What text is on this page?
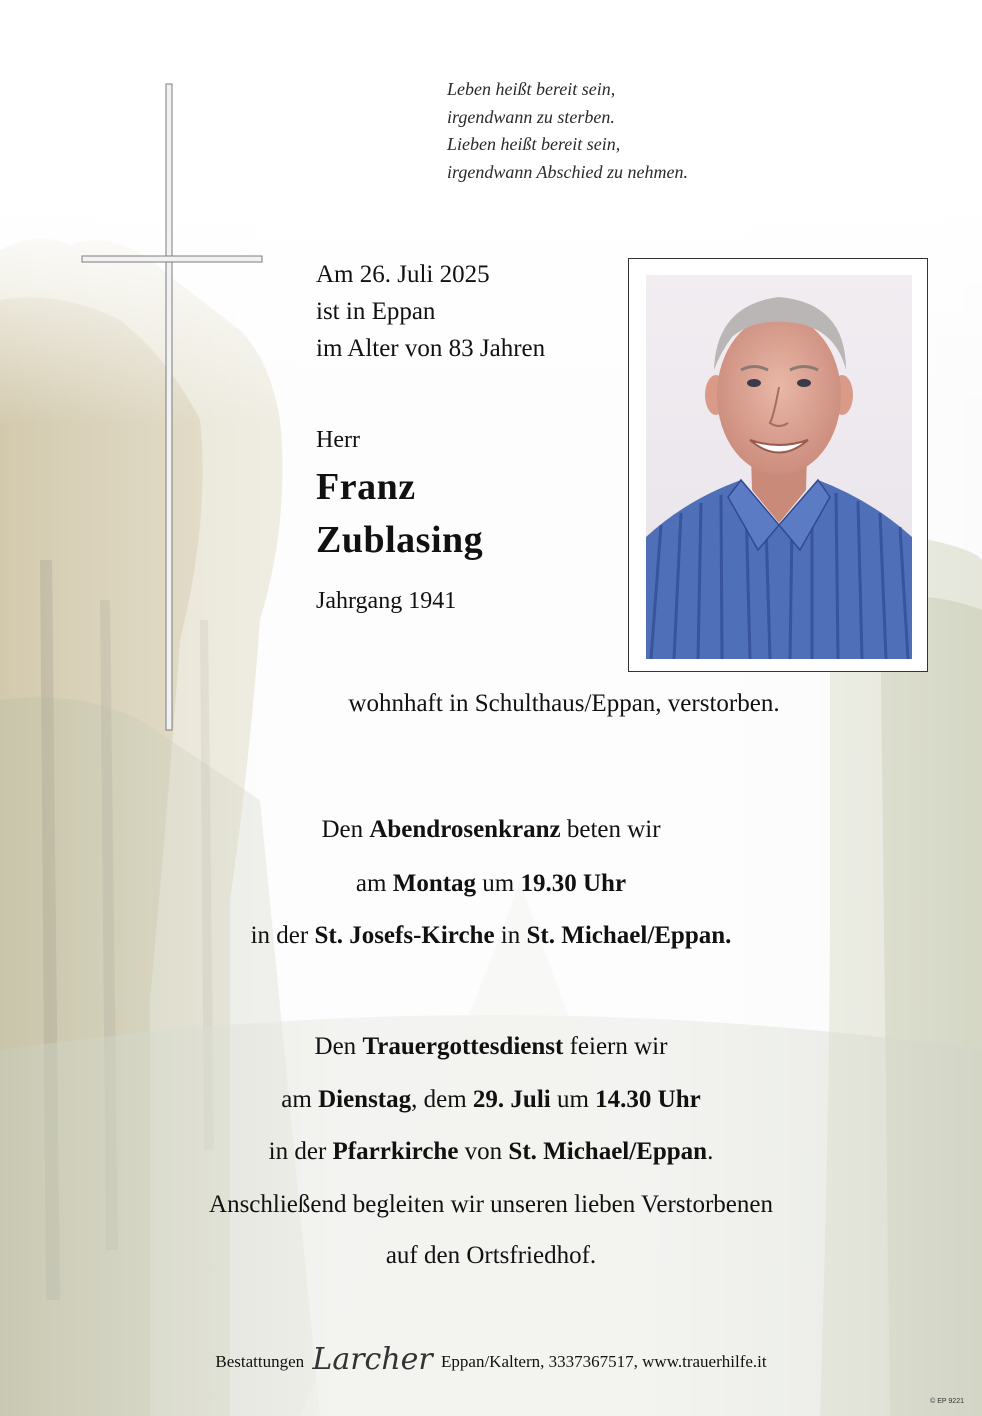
Leben heißt bereit sein,
irgendwann zu sterben.
Lieben heißt bereit sein,
irgendwann Abschied zu nehmen.
Am 26. Juli 2025
ist in Eppan
im Alter von 83 Jahren
Herr
Franz
Zublasing
Jahrgang 1941
wohnhaft in Schulthaus/Eppan, verstorben.
Den Abendrosenkranz beten wir
am Montag um 19.30 Uhr
in der St. Josefs-Kirche in St. Michael/Eppan.
Den Trauergottesdienst feiern wir
am Dienstag, dem 29. Juli um 14.30 Uhr
in der Pfarrkirche von St. Michael/Eppan.
Anschließend begleiten wir unseren lieben Verstorbenen
auf den Ortsfriedhof.
Bestattungen Larcher Eppan/Kaltern, 3337367517, www.trauerhilfe.it
© EP 9221
